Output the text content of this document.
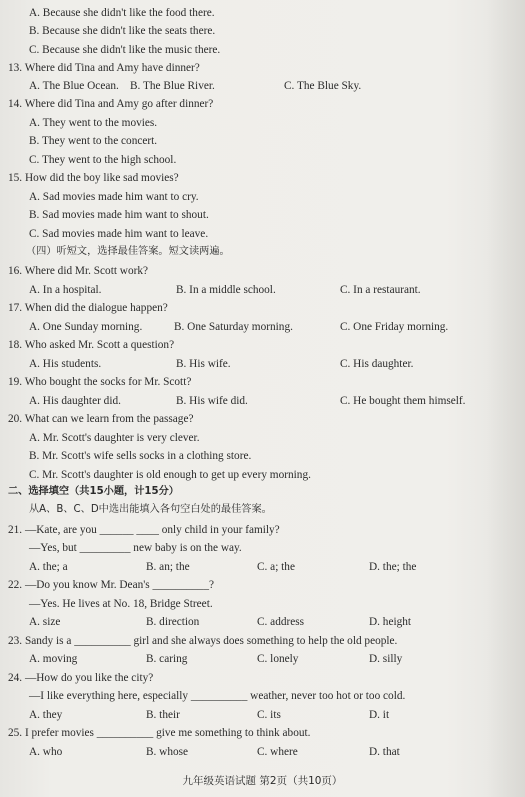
A. Because she didn't like the food there.
B. Because she didn't like the seats there.
C. Because she didn't like the music there.
13. Where did Tina and Amy have dinner?
A. The Blue Ocean. B. The Blue River.	C. The Blue Sky.
14. Where did Tina and Amy go after dinner?
A. They went to the movies.
B. They went to the concert.
C. They went to the high school.
15. How did the boy like sad movies?
A. Sad movies made him want to cry.
B. Sad movies made him want to shout.
C. Sad movies made him want to leave.
（四）听短文，选择最佳答案。短文读两遍。
16. Where did Mr. Scott work?
A. In a hospital.	B. In a middle school.	C. In a restaurant.
17. When did the dialogue happen?
A. One Sunday morning.	B. One Saturday morning.	C. One Friday morning.
18. Who asked Mr. Scott a question?
A. His students.	B. His wife.	C. His daughter.
19. Who bought the socks for Mr. Scott?
A. His daughter did.	B. His wife did.	C. He bought them himself.
20. What can we learn from the passage?
A. Mr. Scott's daughter is very clever.
B. Mr. Scott's wife sells socks in a clothing store.
C. Mr. Scott's daughter is old enough to get up every morning.
二、选择填空（共15小题，计15分）
从A、B、C、D中选出能填入各句空白处的最佳答案。
21. —Kate, are you ______ ____ only child in your family?
—Yes, but _________ new baby is on the way.
A. the; a	B. an; the	C. a; the	D. the; the
22. —Do you know Mr. Dean's __________?
—Yes. He lives at No. 18, Bridge Street.
A. size	B. direction	C. address	D. height
23. Sandy is a __________ girl and she always does something to help the old people.
A. moving	B. caring	C. lonely	D. silly
24. —How do you like the city?
—I like everything here, especially __________ weather, never too hot or too cold.
A. they	B. their	C. its	D. it
25. I prefer movies __________ give me something to think about.
A. who	B. whose	C. where	D. that
九年级英语试题 第2页（共10页）
